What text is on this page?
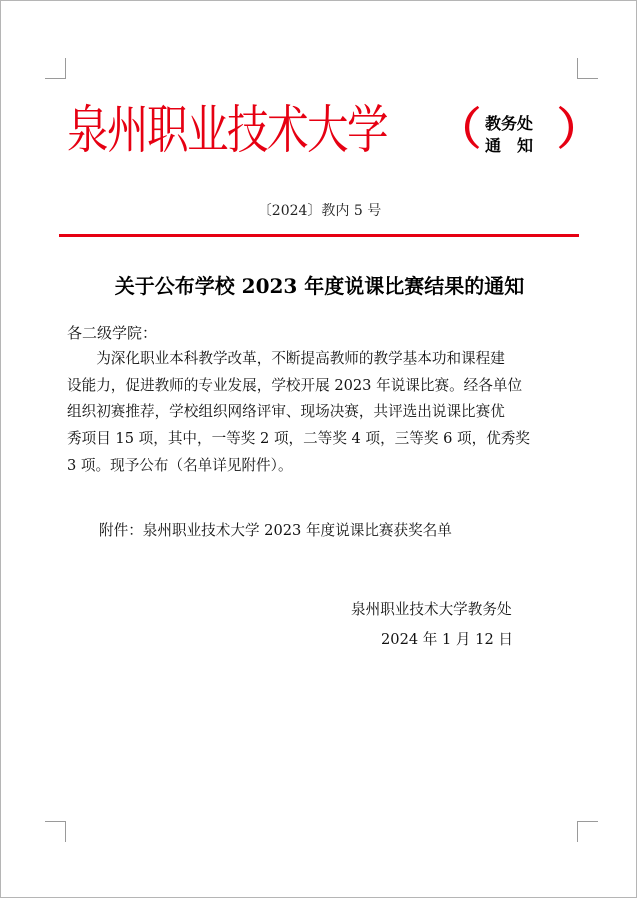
泉州职业技术大学 （ 教务处
通　知 ）
〔2024〕教内 5 号
关于公布学校 2023 年度说课比赛结果的通知
各二级学院：
　　为深化职业本科教学改革，不断提高教师的教学基本功和课程建
设能力，促进教师的专业发展，学校开展 2023 年说课比赛。经各单位
组织初赛推荐，学校组织网络评审、现场决赛，共评选出说课比赛优
秀项目 15 项，其中，一等奖 2 项，二等奖 4 项，三等奖 6 项，优秀奖
3 项。现予公布（名单详见附件）。
附件：泉州职业技术大学 2023 年度说课比赛获奖名单
泉州职业技术大学教务处
2024 年 1 月 12 日
